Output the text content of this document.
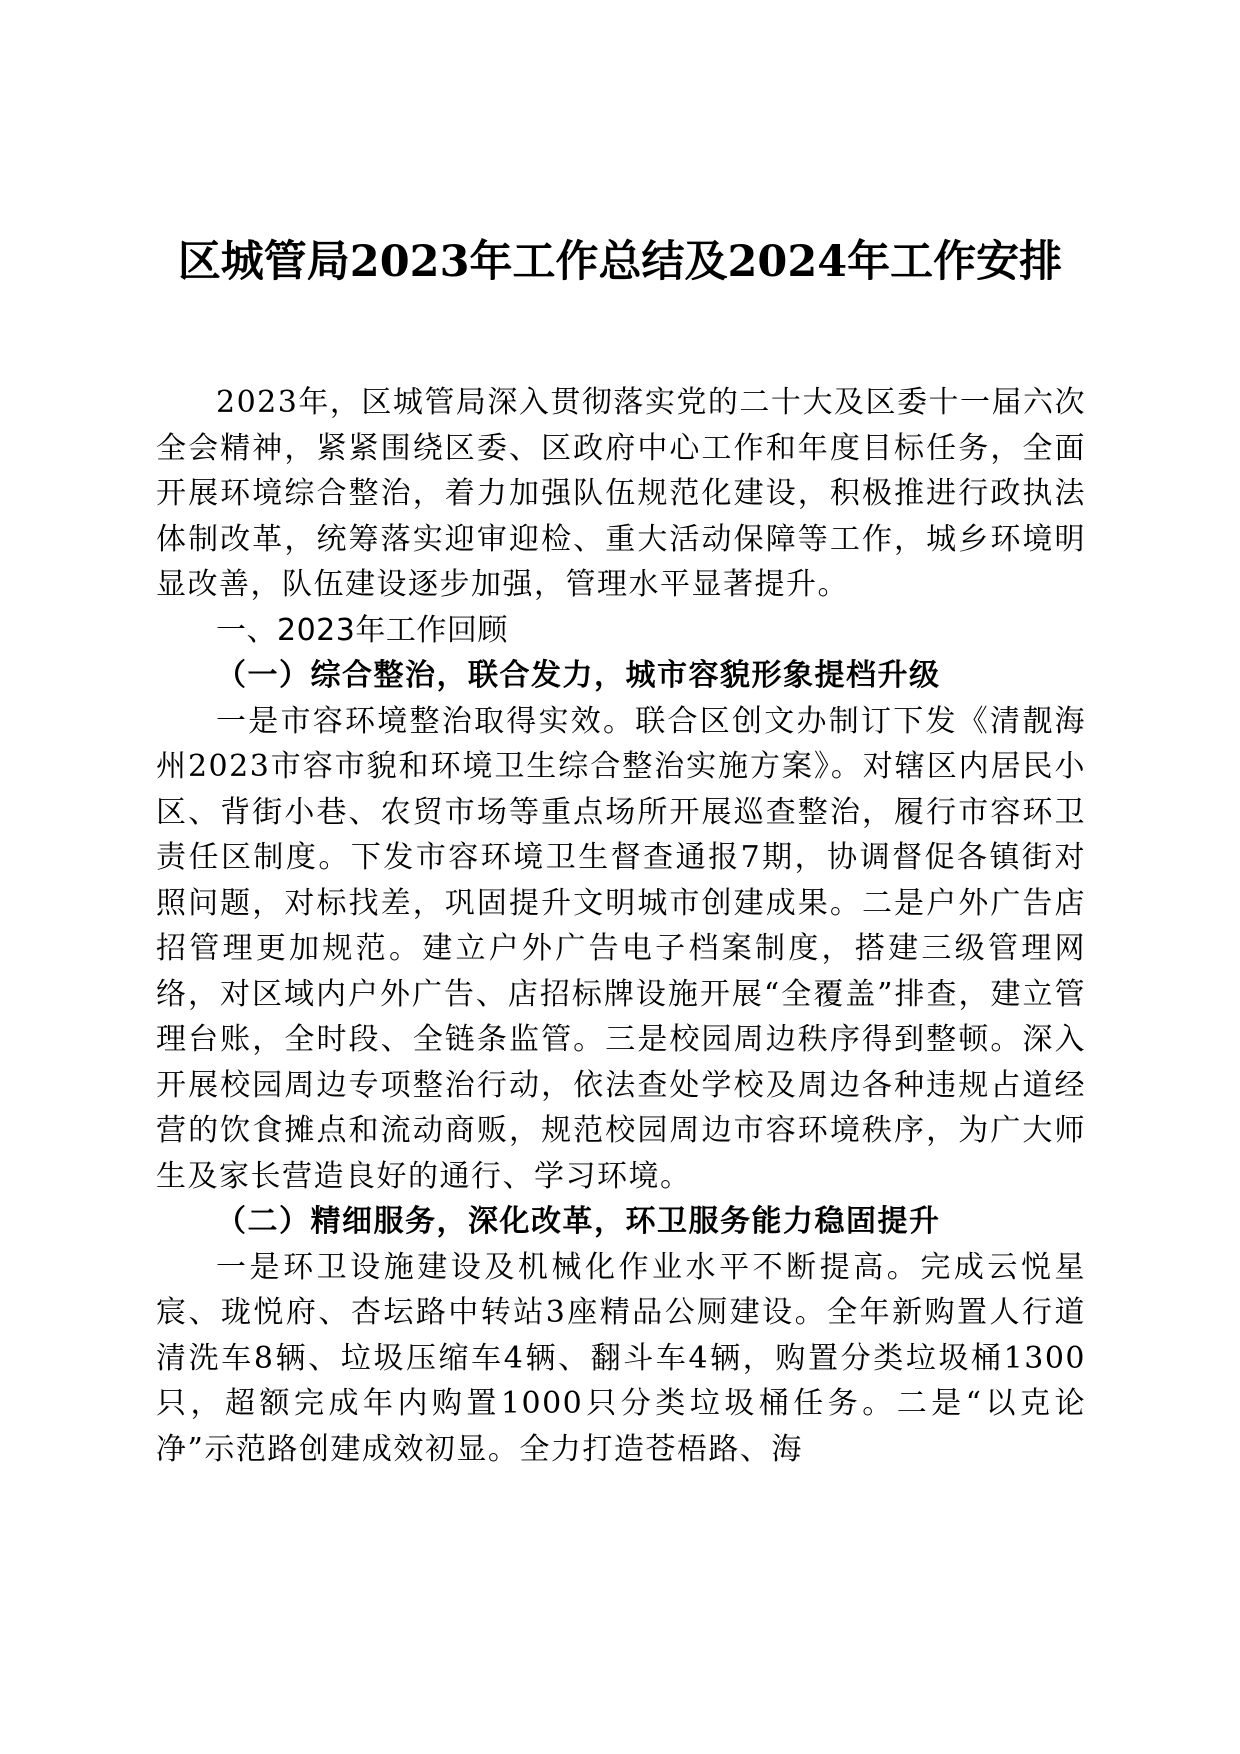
区城管局2023年工作总结及2024年工作安排

2023年，区城管局深入贯彻落实党的二十大及区委十一届六次全会精神，紧紧围绕区委、区政府中心工作和年度目标任务，全面开展环境综合整治，着力加强队伍规范化建设，积极推进行政执法体制改革，统筹落实迎审迎检、重大活动保障等工作，城乡环境明显改善，队伍建设逐步加强，管理水平显著提升。

一、2023年工作回顾

（一）综合整治，联合发力，城市容貌形象提档升级

一是市容环境整治取得实效。联合区创文办制订下发《清靓海州2023市容市貌和环境卫生综合整治实施方案》。对辖区内居民小区、背街小巷、农贸市场等重点场所开展巡查整治，履行市容环卫责任区制度。下发市容环境卫生督查通报7期，协调督促各镇街对照问题，对标找差，巩固提升文明城市创建成果。二是户外广告店招管理更加规范。建立户外广告电子档案制度，搭建三级管理网络，对区域内户外广告、店招标牌设施开展“全覆盖”排查，建立管理台账，全时段、全链条监管。三是校园周边秩序得到整顿。深入开展校园周边专项整治行动，依法查处学校及周边各种违规占道经营的饮食摊点和流动商贩，规范校园周边市容环境秩序，为广大师生及家长营造良好的通行、学习环境。

（二）精细服务，深化改革，环卫服务能力稳固提升

一是环卫设施建设及机械化作业水平不断提高。完成云悦星宸、珑悦府、杏坛路中转站3座精品公厕建设。全年新购置人行道清洗车8辆、垃圾压缩车4辆、翻斗车4辆，购置分类垃圾桶1300只，超额完成年内购置1000只分类垃圾桶任务。二是“以克论净”示范路创建成效初显。全力打造苍梧路、海
